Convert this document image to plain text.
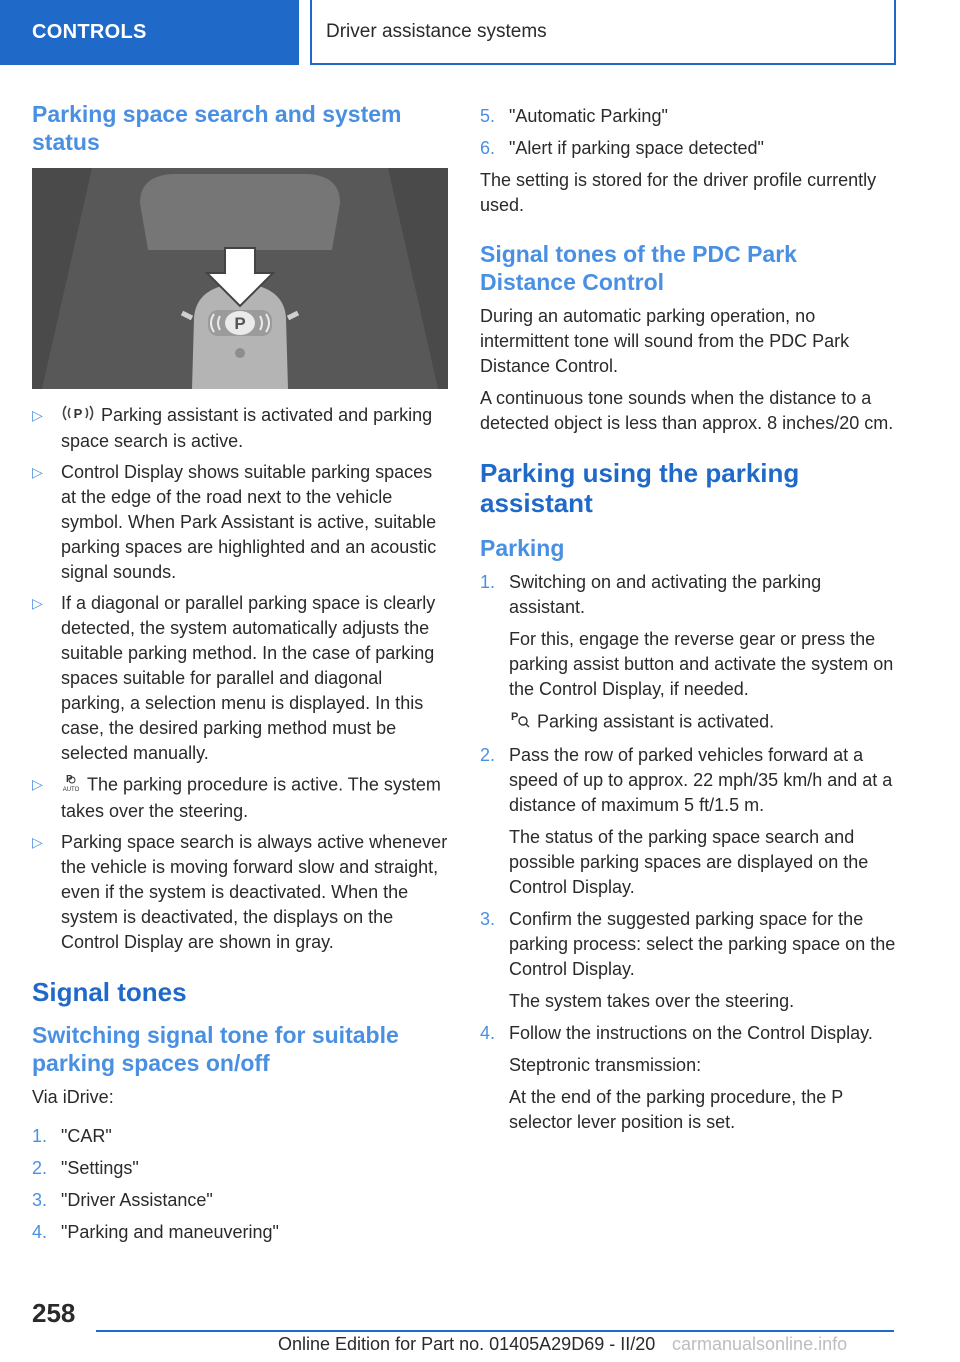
CONTROLS	Driver assistance systems
Parking space search and system status
P
▷ P Parking assistant is activated and parking space search is active.
▷ Control Display shows suitable parking spaces at the edge of the road next to the vehicle symbol. When Park Assistant is active, suitable parking spaces are highlighted and an acoustic signal sounds.
▷ If a diagonal or parallel parking space is clearly detected, the system automatically adjusts the suitable parking method. In the case of parking spaces suitable for parallel and diagonal parking, a selection menu is displayed. In this case, the desired parking method must be selected manually.
▷ P
AUTO The parking procedure is active. The system takes over the steering.
▷ Parking space search is always active whenever the vehicle is moving forward slow and straight, even if the system is deactivated. When the system is deactivated, the displays on the Control Display are shown in gray.
Signal tones
Switching signal tone for suitable parking spaces on/off

Via iDrive:

1. "CAR"
2. "Settings"
3. "Driver Assistance"
4. "Parking and maneuvering"
5. "Automatic Parking"
6. "Alert if parking space detected"

The setting is stored for the driver profile currently used.

Signal tones of the PDC Park Distance Control

During an automatic parking operation, no intermittent tone will sound from the PDC Park Distance Control.

A continuous tone sounds when the distance to a detected object is less than approx. 8 inches/20 cm.

Parking using the parking assistant
Parking
1. Switching on and activating the parking assistant.

For this, engage the reverse gear or press the parking assist button and activate the system on the Control Display, if needed.

P Parking assistant is activated.

2. Pass the row of parked vehicles forward at a speed of up to approx. 22 mph/35 km/h and at a distance of maximum 5 ft/1.5 m.

The status of the parking space search and possible parking spaces are displayed on the Control Display.

3. Confirm the suggested parking space for the parking process: select the parking space on the Control Display.

The system takes over the steering.

4. Follow the instructions on the Control Display.

Steptronic transmission:

At the end of the parking procedure, the P selector lever position is set.

258
Online Edition for Part no. 01405A29D69 - II/20 carmanualsonline.info
